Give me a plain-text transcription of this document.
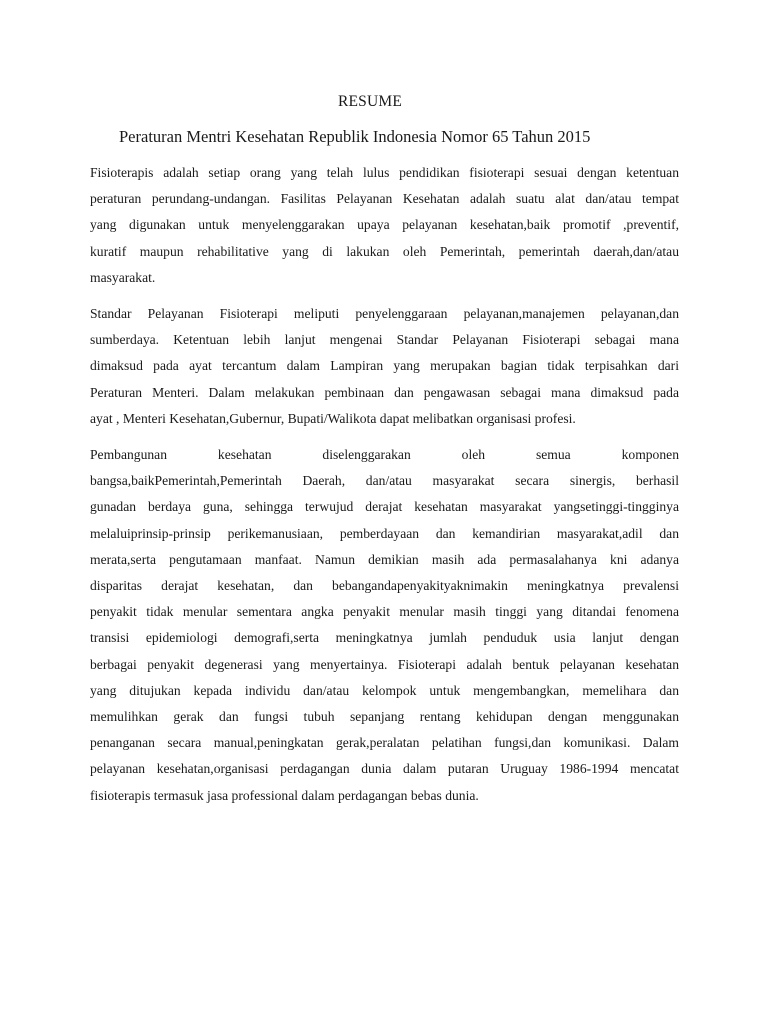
RESUME
Peraturan Mentri Kesehatan Republik Indonesia Nomor 65 Tahun 2015

Fisioterapis adalah setiap orang yang telah lulus pendidikan fisioterapi sesuai dengan ketentuan
peraturan perundang-undangan. Fasilitas Pelayanan Kesehatan adalah suatu alat dan/atau tempat
yang digunakan untuk menyelenggarakan upaya pelayanan kesehatan,baik promotif ,preventif,
kuratif maupun rehabilitative yang di lakukan oleh Pemerintah, pemerintah daerah,dan/atau
masyarakat.

Standar Pelayanan Fisioterapi meliputi penyelenggaraan pelayanan,manajemen pelayanan,dan
sumberdaya. Ketentuan lebih lanjut mengenai Standar Pelayanan Fisioterapi sebagai mana
dimaksud pada ayat tercantum dalam Lampiran yang merupakan bagian tidak terpisahkan dari
Peraturan Menteri. Dalam melakukan pembinaan dan pengawasan sebagai mana dimaksud pada
ayat , Menteri Kesehatan,Gubernur, Bupati/Walikota dapat melibatkan organisasi profesi.

Pembangunan kesehatan diselenggarakan oleh semua komponen
bangsa,baikPemerintah,Pemerintah Daerah, dan/atau masyarakat secara sinergis, berhasil
gunadan berdaya guna, sehingga terwujud derajat kesehatan masyarakat yangsetinggi-tingginya
melaluiprinsip-prinsip perikemanusiaan, pemberdayaan dan kemandirian masyarakat,adil dan
merata,serta pengutamaan manfaat. Namun demikian masih ada permasalahanya kni adanya
disparitas derajat kesehatan, dan bebangandapenyakityaknimakin meningkatnya prevalensi
penyakit tidak menular sementara angka penyakit menular masih tinggi yang ditandai fenomena
transisi epidemiologi demografi,serta meningkatnya jumlah penduduk usia lanjut dengan
berbagai penyakit degenerasi yang menyertainya. Fisioterapi adalah bentuk pelayanan kesehatan
yang ditujukan kepada individu dan/atau kelompok untuk mengembangkan, memelihara dan
memulihkan gerak dan fungsi tubuh sepanjang rentang kehidupan dengan menggunakan
penanganan secara manual,peningkatan gerak,peralatan pelatihan fungsi,dan komunikasi. Dalam
pelayanan kesehatan,organisasi perdagangan dunia dalam putaran Uruguay 1986-1994 mencatat
fisioterapis termasuk jasa professional dalam perdagangan bebas dunia.
